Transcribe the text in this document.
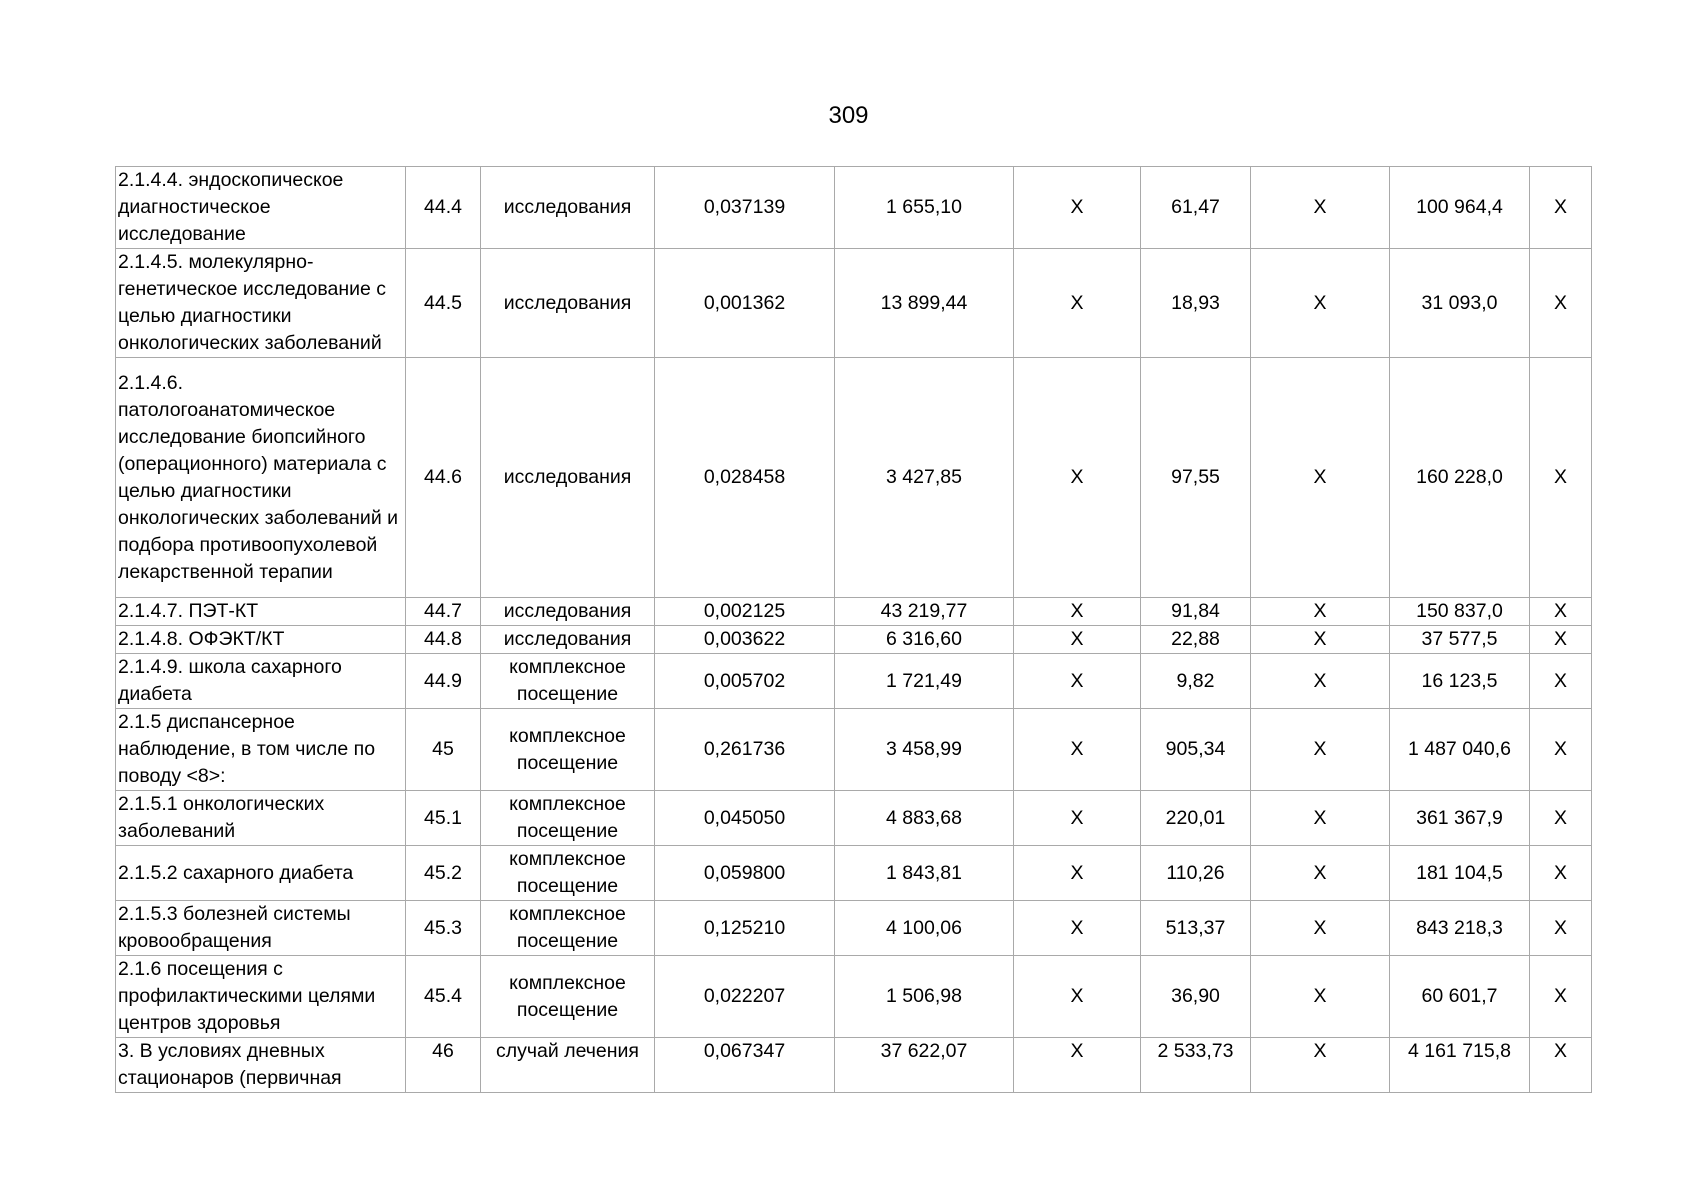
309
2.1.4.4. эндоскопическое диагностическое исследование	44.4	исследования	0,037139	1 655,10	X	61,47	X	100 964,4	X
2.1.4.5. молекулярно-генетическое исследование с целью диагностики онкологических заболеваний	44.5	исследования	0,001362	13 899,44	X	18,93	X	31 093,0	X
2.1.4.6. патологоанатомическое исследование биопсийного (операционного) материала с целью диагностики онкологических заболеваний и подбора противоопухолевой лекарственной терапии	44.6	исследования	0,028458	3 427,85	X	97,55	X	160 228,0	X
2.1.4.7. ПЭТ-КТ	44.7	исследования	0,002125	43 219,77	X	91,84	X	150 837,0	X
2.1.4.8. ОФЭКТ/КТ	44.8	исследования	0,003622	6 316,60	X	22,88	X	37 577,5	X
2.1.4.9. школа сахарного диабета	44.9	комплексное посещение	0,005702	1 721,49	X	9,82	X	16 123,5	X
2.1.5 диспансерное наблюдение, в том числе по поводу <8>:	45	комплексное посещение	0,261736	3 458,99	X	905,34	X	1 487 040,6	X
2.1.5.1 онкологических заболеваний	45.1	комплексное посещение	0,045050	4 883,68	X	220,01	X	361 367,9	X
2.1.5.2 сахарного диабета	45.2	комплексное посещение	0,059800	1 843,81	X	110,26	X	181 104,5	X
2.1.5.3 болезней системы кровообращения	45.3	комплексное посещение	0,125210	4 100,06	X	513,37	X	843 218,3	X
2.1.6 посещения с профилактическими целями центров здоровья	45.4	комплексное посещение	0,022207	1 506,98	X	36,90	X	60 601,7	X
3. В условиях дневных стационаров (первичная	46	случай лечения	0,067347	37 622,07	X	2 533,73	X	4 161 715,8	X
